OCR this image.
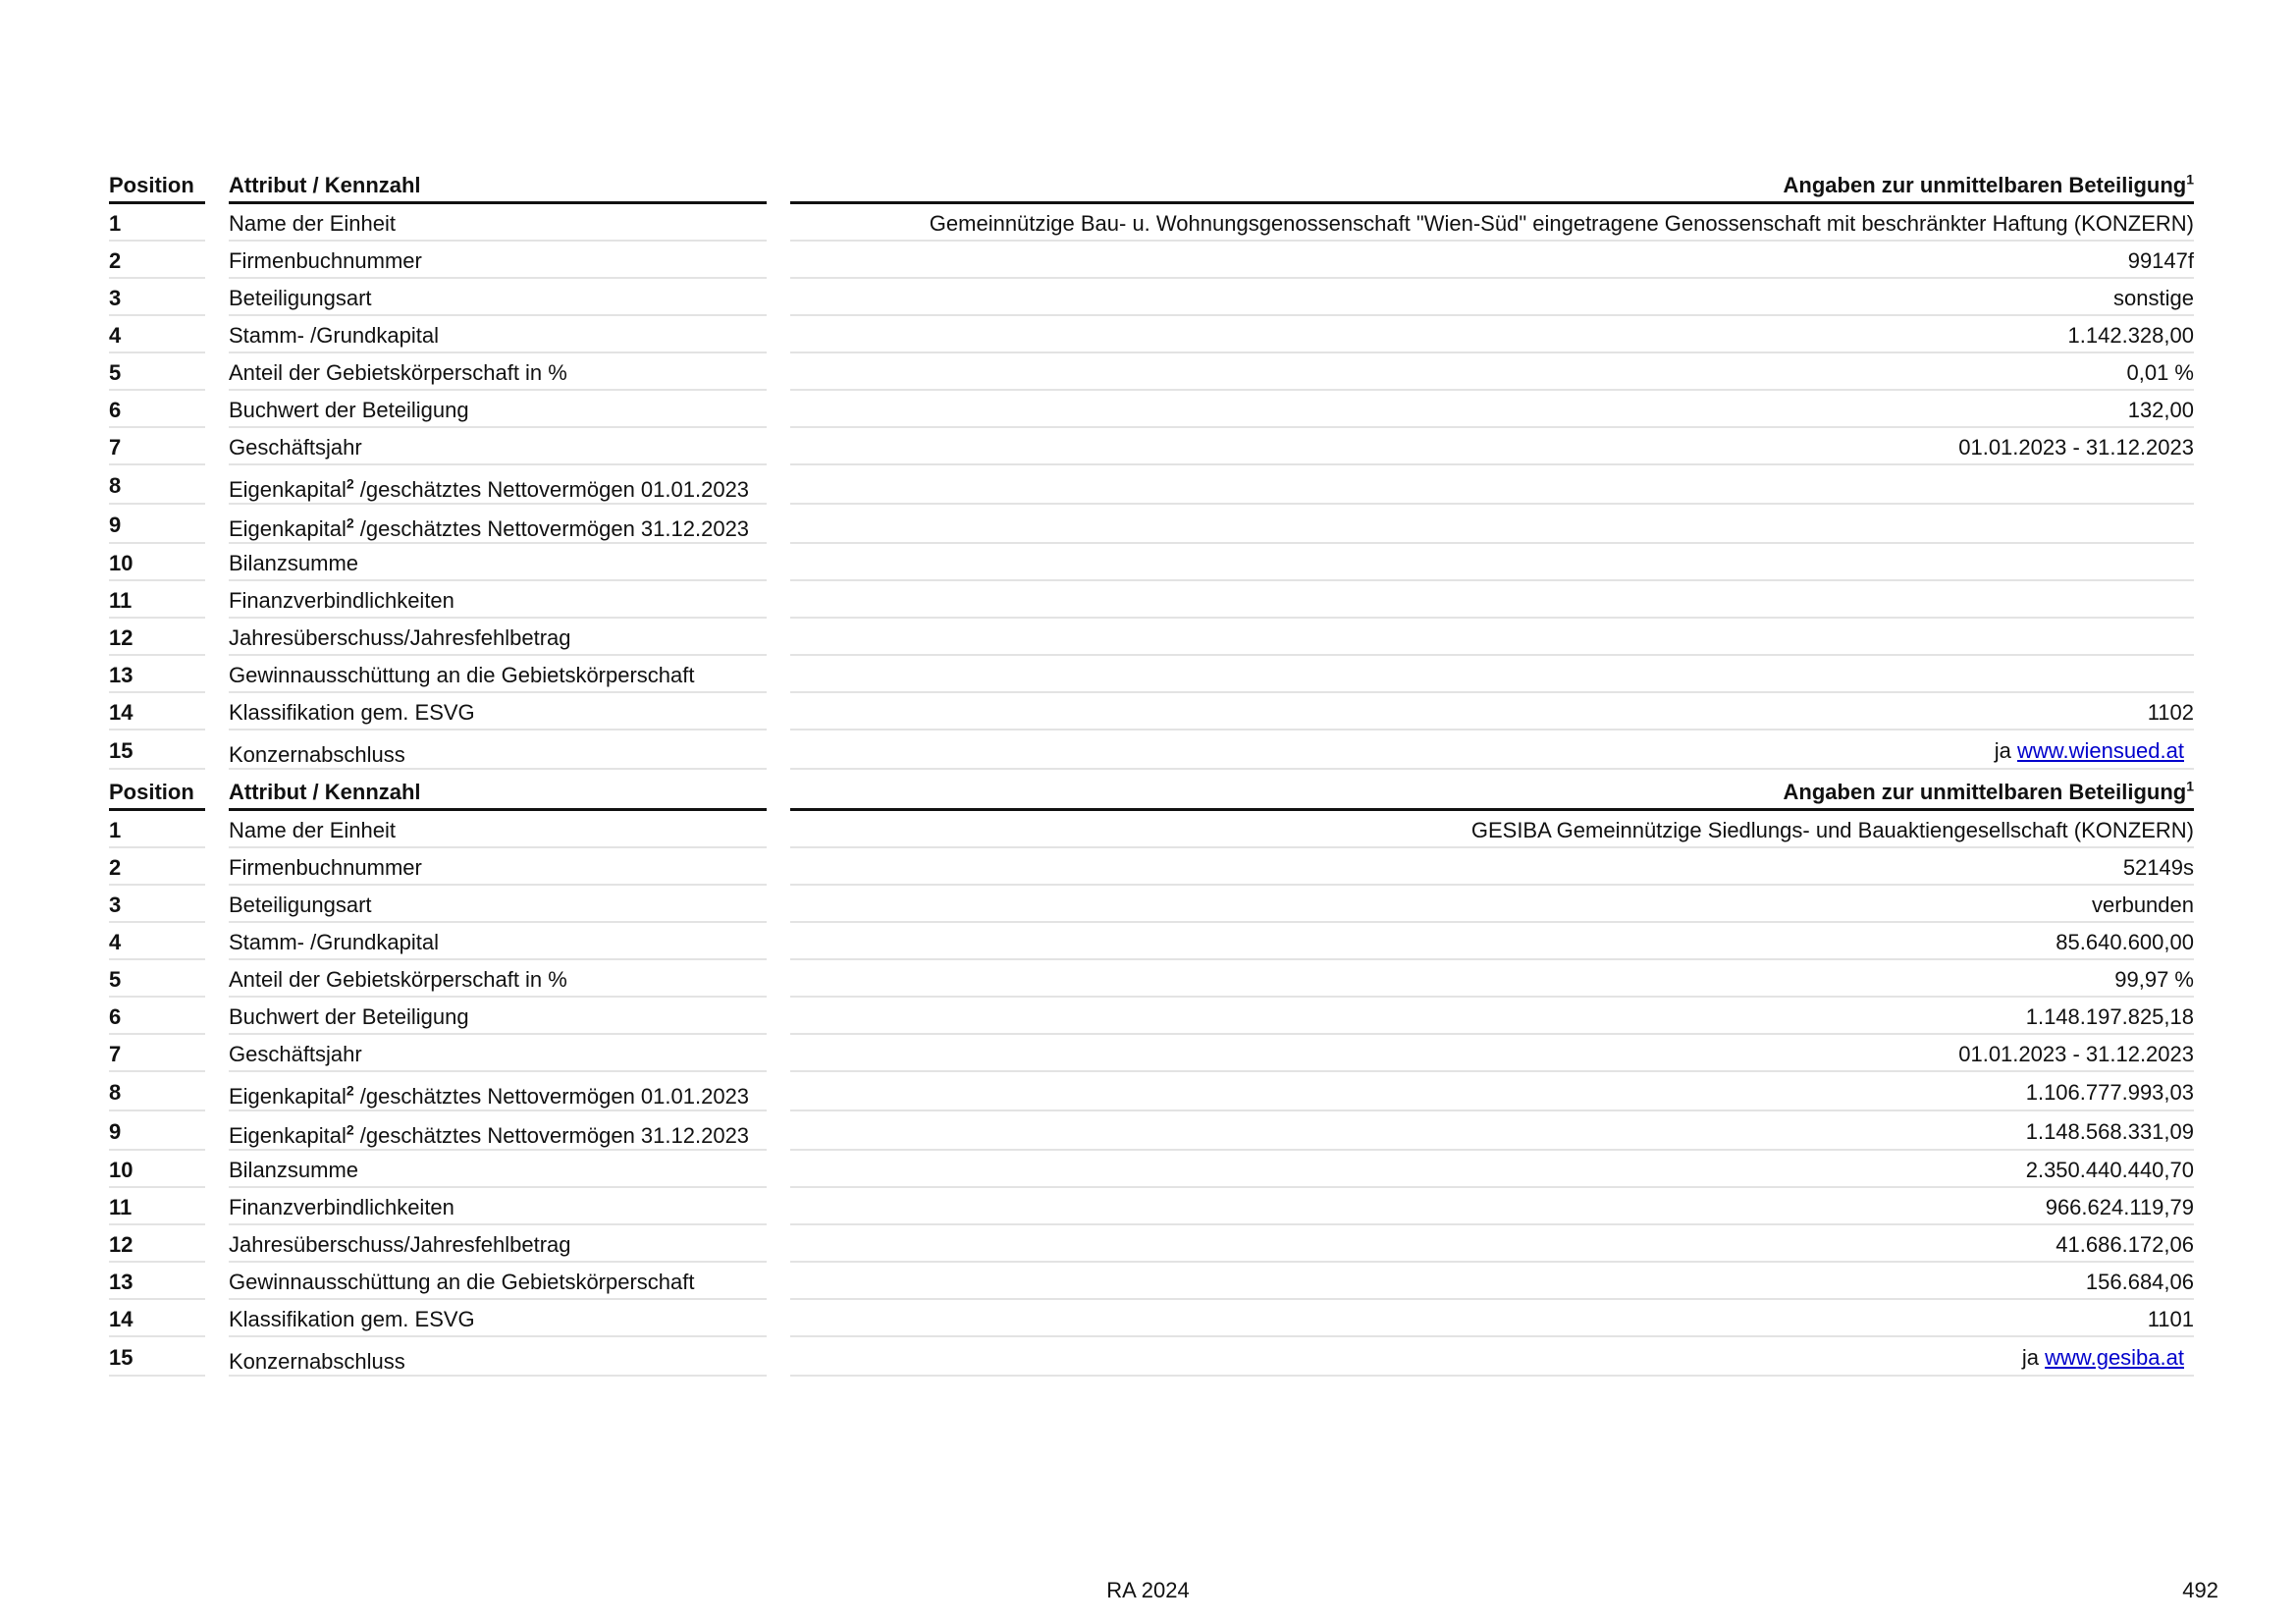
Position	Attribut / Kennzahl	Angaben zur unmittelbaren Beteiligung$^1$
1	Name der Einheit	Gemeinnützige Bau- u. Wohnungsgenossenschaft "Wien-Süd" eingetragene Genossenschaft mit beschränkter Haftung (KONZERN)
2	Firmenbuchnummer	99147f
3	Beteiligungsart	sonstige
4	Stamm- /Grundkapital	1.142.328,00
5	Anteil der Gebietskörperschaft in %	0,01 %
6	Buchwert der Beteiligung	132,00
7	Geschäftsjahr	01.01.2023 - 31.12.2023
8	Eigenkapital$^2$ /geschätztes Nettovermögen 01.01.2023	
9	Eigenkapital$^2$ /geschätztes Nettovermögen 31.12.2023	
10	Bilanzsumme	
11	Finanzverbindlichkeiten	
12	Jahresüberschuss/Jahresfehlbetrag	
13	Gewinnausschüttung an die Gebietskörperschaft	
14	Klassifikation gem. ESVG	1102
15	Konzernabschluss	ja www.wiensued.at
Position	Attribut / Kennzahl	Angaben zur unmittelbaren Beteiligung$^1$
1	Name der Einheit	GESIBA Gemeinnützige Siedlungs- und Bauaktiengesellschaft (KONZERN)
2	Firmenbuchnummer	52149s
3	Beteiligungsart	verbunden
4	Stamm- /Grundkapital	85.640.600,00
5	Anteil der Gebietskörperschaft in %	99,97 %
6	Buchwert der Beteiligung	1.148.197.825,18
7	Geschäftsjahr	01.01.2023 - 31.12.2023
8	Eigenkapital$^2$ /geschätztes Nettovermögen 01.01.2023	1.106.777.993,03
9	Eigenkapital$^2$ /geschätztes Nettovermögen 31.12.2023	1.148.568.331,09
10	Bilanzsumme	2.350.440.440,70
11	Finanzverbindlichkeiten	966.624.119,79
12	Jahresüberschuss/Jahresfehlbetrag	41.686.172,06
13	Gewinnausschüttung an die Gebietskörperschaft	156.684,06
14	Klassifikation gem. ESVG	1101
15	Konzernabschluss	ja www.gesiba.at
RA 2024	492
